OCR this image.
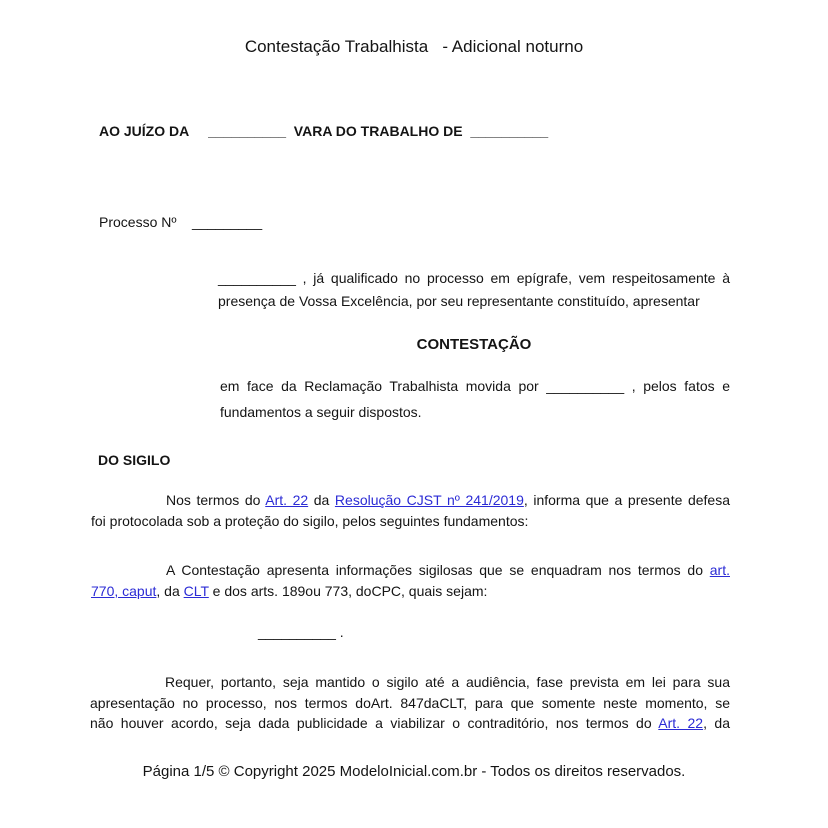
Contestação Trabalhista   - Adicional noturno
AO JUÍZO DA     __________  VARA DO TRABALHO DE  __________
Processo Nº    _________
__________ , já qualificado no processo em epígrafe, vem respeitosamente à
presença de Vossa Excelência, por seu representante constituído, apresentar
CONTESTAÇÃO
em face da Reclamação Trabalhista movida por __________ , pelos fatos e
fundamentos a seguir dispostos.
DO SIGILO
Nos termos do Art. 22 da Resolução CJST nº 241/2019, informa que a presente defesa
foi protocolada sob a proteção do sigilo, pelos seguintes fundamentos:
A Contestação apresenta informações sigilosas que se enquadram nos termos do art.
770, caput, da CLT e dos arts. 189ou 773, doCPC, quais sejam:
__________ .
Requer, portanto, seja mantido o sigilo até a audiência, fase prevista em lei para sua
apresentação no processo, nos termos doArt. 847daCLT, para que somente neste momento, se
não houver acordo, seja dada publicidade a viabilizar o contraditório, nos termos do Art. 22, da
Página 1/5 © Copyright 2025 ModeloInicial.com.br - Todos os direitos reservados.
